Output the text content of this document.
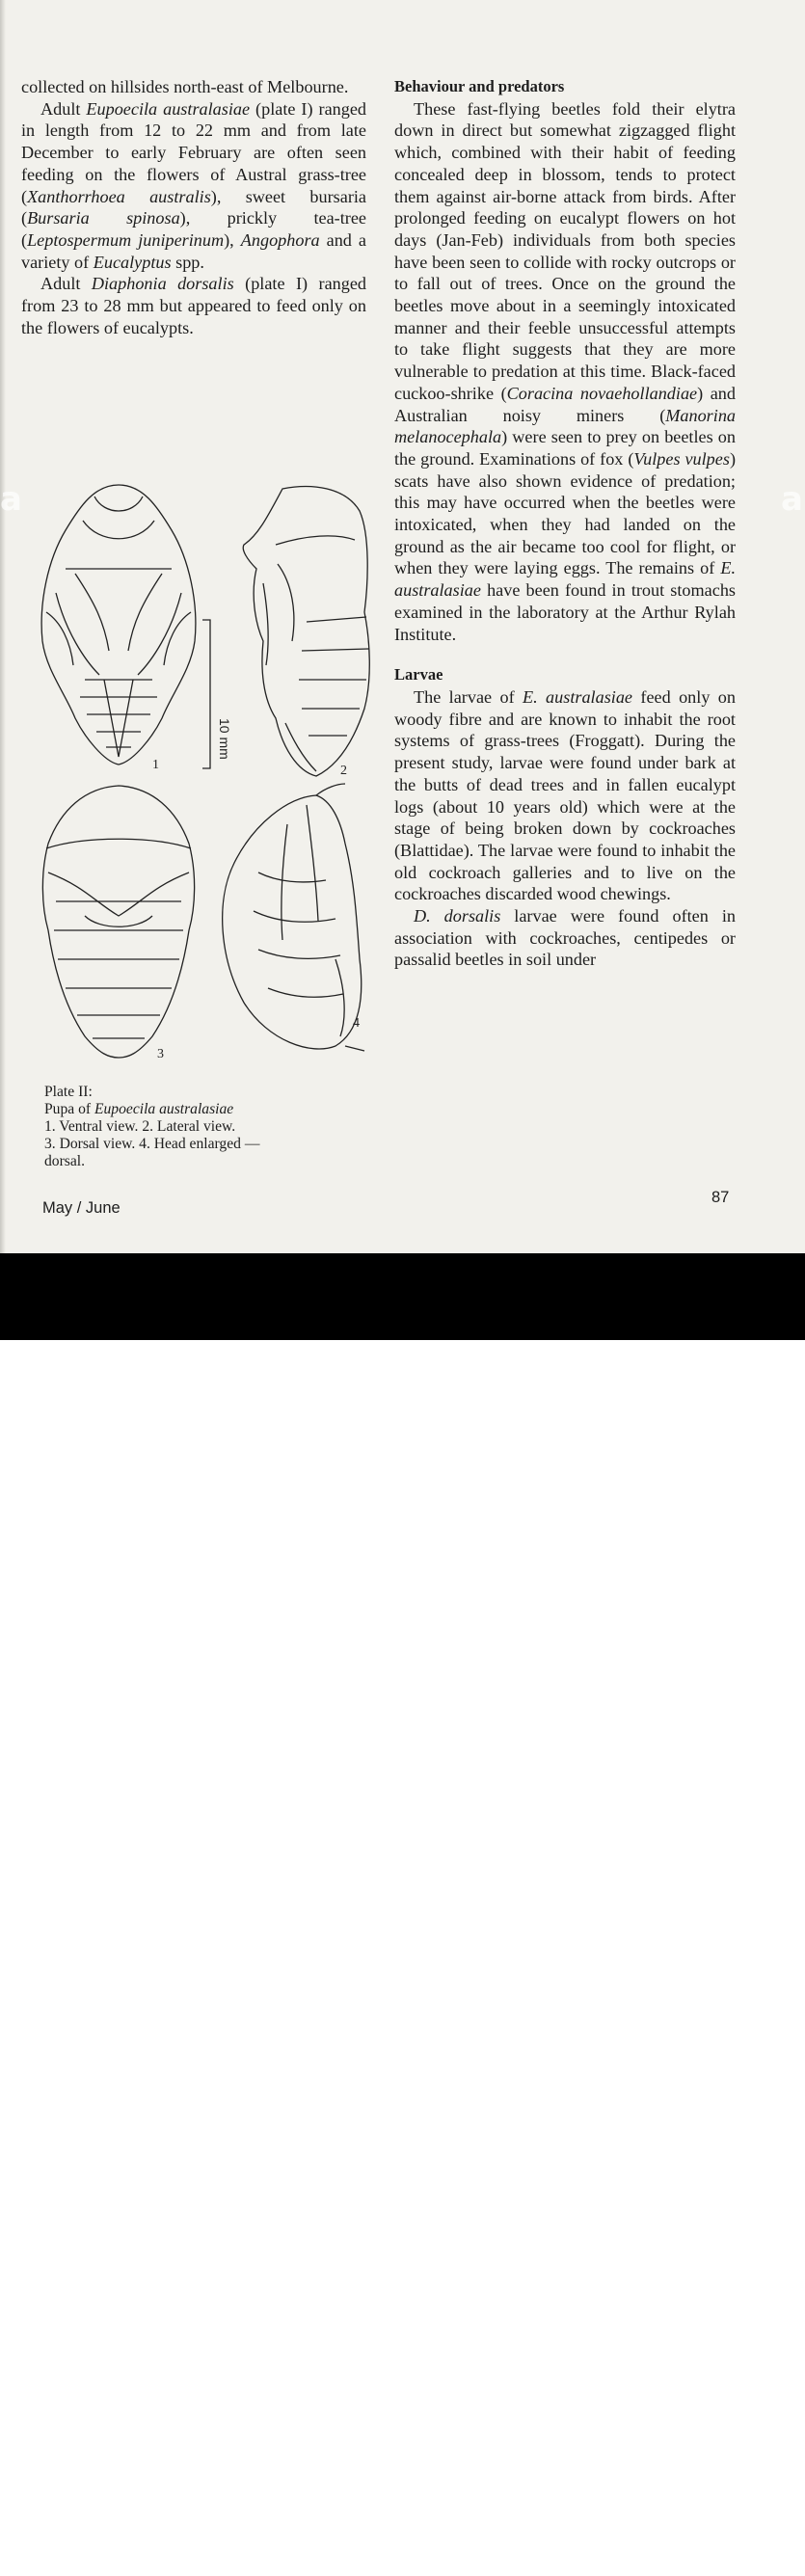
collected on hillsides north-east of Melbourne.

Adult Eupoecila australasiae (plate I) ranged in length from 12 to 22 mm and from late December to early February are often seen feeding on the flowers of Austral grass-tree (Xanthorrhoea australis), sweet bursaria (Bursaria spinosa), prickly tea-tree (Leptospermum juniperinum), Angophora and a variety of Eucalyptus spp.

Adult Diaphonia dorsalis (plate I) ranged from 23 to 28 mm but appeared to feed only on the flowers of eucalypts.

1
10 mm
2
3
4

Plate II:

Pupa of Eupoecila australasiae

1. Ventral view. 2. Lateral view.

3. Dorsal view. 4. Head enlarged —

dorsal.

Behaviour and predators

These fast-flying beetles fold their elytra down in direct but somewhat zigzagged flight which, combined with their habit of feeding concealed deep in blossom, tends to protect them against air-borne attack from birds. After prolonged feeding on eucalypt flowers on hot days (Jan-Feb) individuals from both species have been seen to collide with rocky outcrops or to fall out of trees. Once on the ground the beetles move about in a seemingly intoxicated manner and their feeble unsuccessful attempts to take flight suggests that they are more vulnerable to predation at this time. Black-faced cuckoo-shrike (Coracina novaehollandiae) and Australian noisy miners (Manorina melanocephala) were seen to prey on beetles on the ground. Examinations of fox (Vulpes vulpes) scats have also shown evidence of predation; this may have occurred when the beetles were intoxicated, when they had landed on the ground as the air became too cool for flight, or when they were laying eggs. The remains of E. australasiae have been found in trout stomachs examined in the laboratory at the Arthur Rylah Institute.

Larvae

The larvae of E. australasiae feed only on woody fibre and are known to inhabit the root systems of grass-trees (Froggatt). During the present study, larvae were found under bark at the butts of dead trees and in fallen eucalypt logs (about 10 years old) which were at the stage of being broken down by cockroaches (Blattidae). The larvae were found to inhabit the old cockroach galleries and to live on the cockroaches discarded wood chewings.

D. dorsalis larvae were found often in association with cockroaches, centipedes or passalid beetles in soil under

May / June
87
a	a
alamy	H2DFJ7
www.alamy.com
